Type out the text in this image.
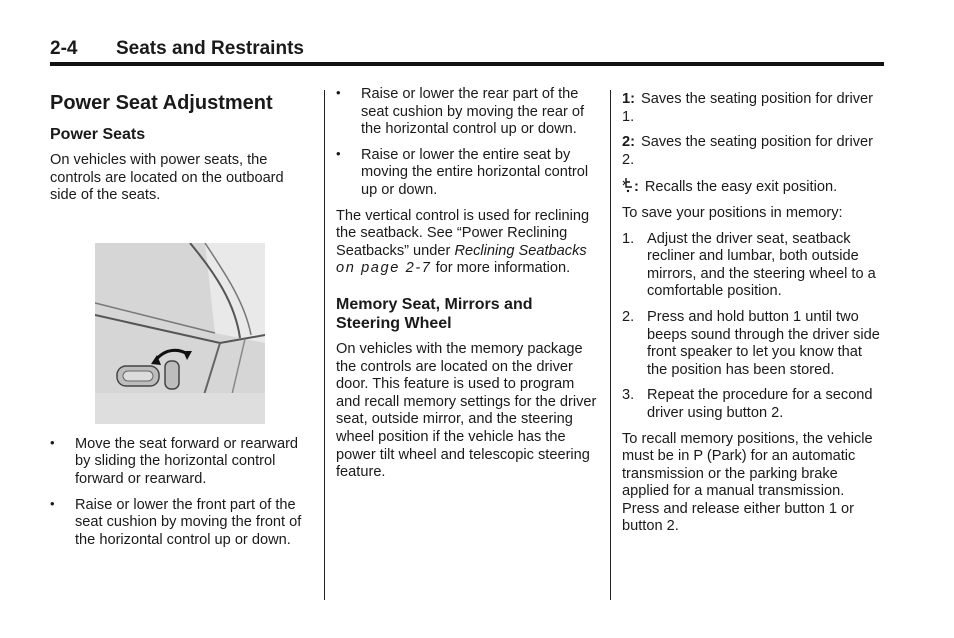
2-4 Seats and Restraints
Power Seat Adjustment
Power Seats

On vehicles with power seats, the controls are located on the outboard side of the seats.

• Move the seat forward or rearward by sliding the horizontal control forward or rearward.
• Raise or lower the front part of the seat cushion by moving the front of the horizontal control up or down.
• Raise or lower the rear part of the seat cushion by moving the rear of the horizontal control up or down.
• Raise or lower the entire seat by moving the entire horizontal control up or down.

The vertical control is used for reclining the seatback. See “Power Reclining Seatbacks” under Reclining Seatbacks on page 2-7 for more information.

Memory Seat, Mirrors and Steering Wheel

On vehicles with the memory package the controls are located on the driver door. This feature is used to program and recall memory settings for the driver seat, outside mirror, and the steering wheel position if the vehicle has the power tilt wheel and telescopic steering feature.

1: Saves the seating position for driver 1.

2: Saves the seating position for driver 2.

: Recalls the easy exit position.

To save your positions in memory:

1. Adjust the driver seat, seatback recliner and lumbar, both outside mirrors, and the steering wheel to a comfortable position.
2. Press and hold button 1 until two beeps sound through the driver side front speaker to let you know that the position has been stored.
3. Repeat the procedure for a second driver using button 2.

To recall memory positions, the vehicle must be in P (Park) for an automatic transmission or the parking brake applied for a manual transmission. Press and release either button 1 or button 2.
